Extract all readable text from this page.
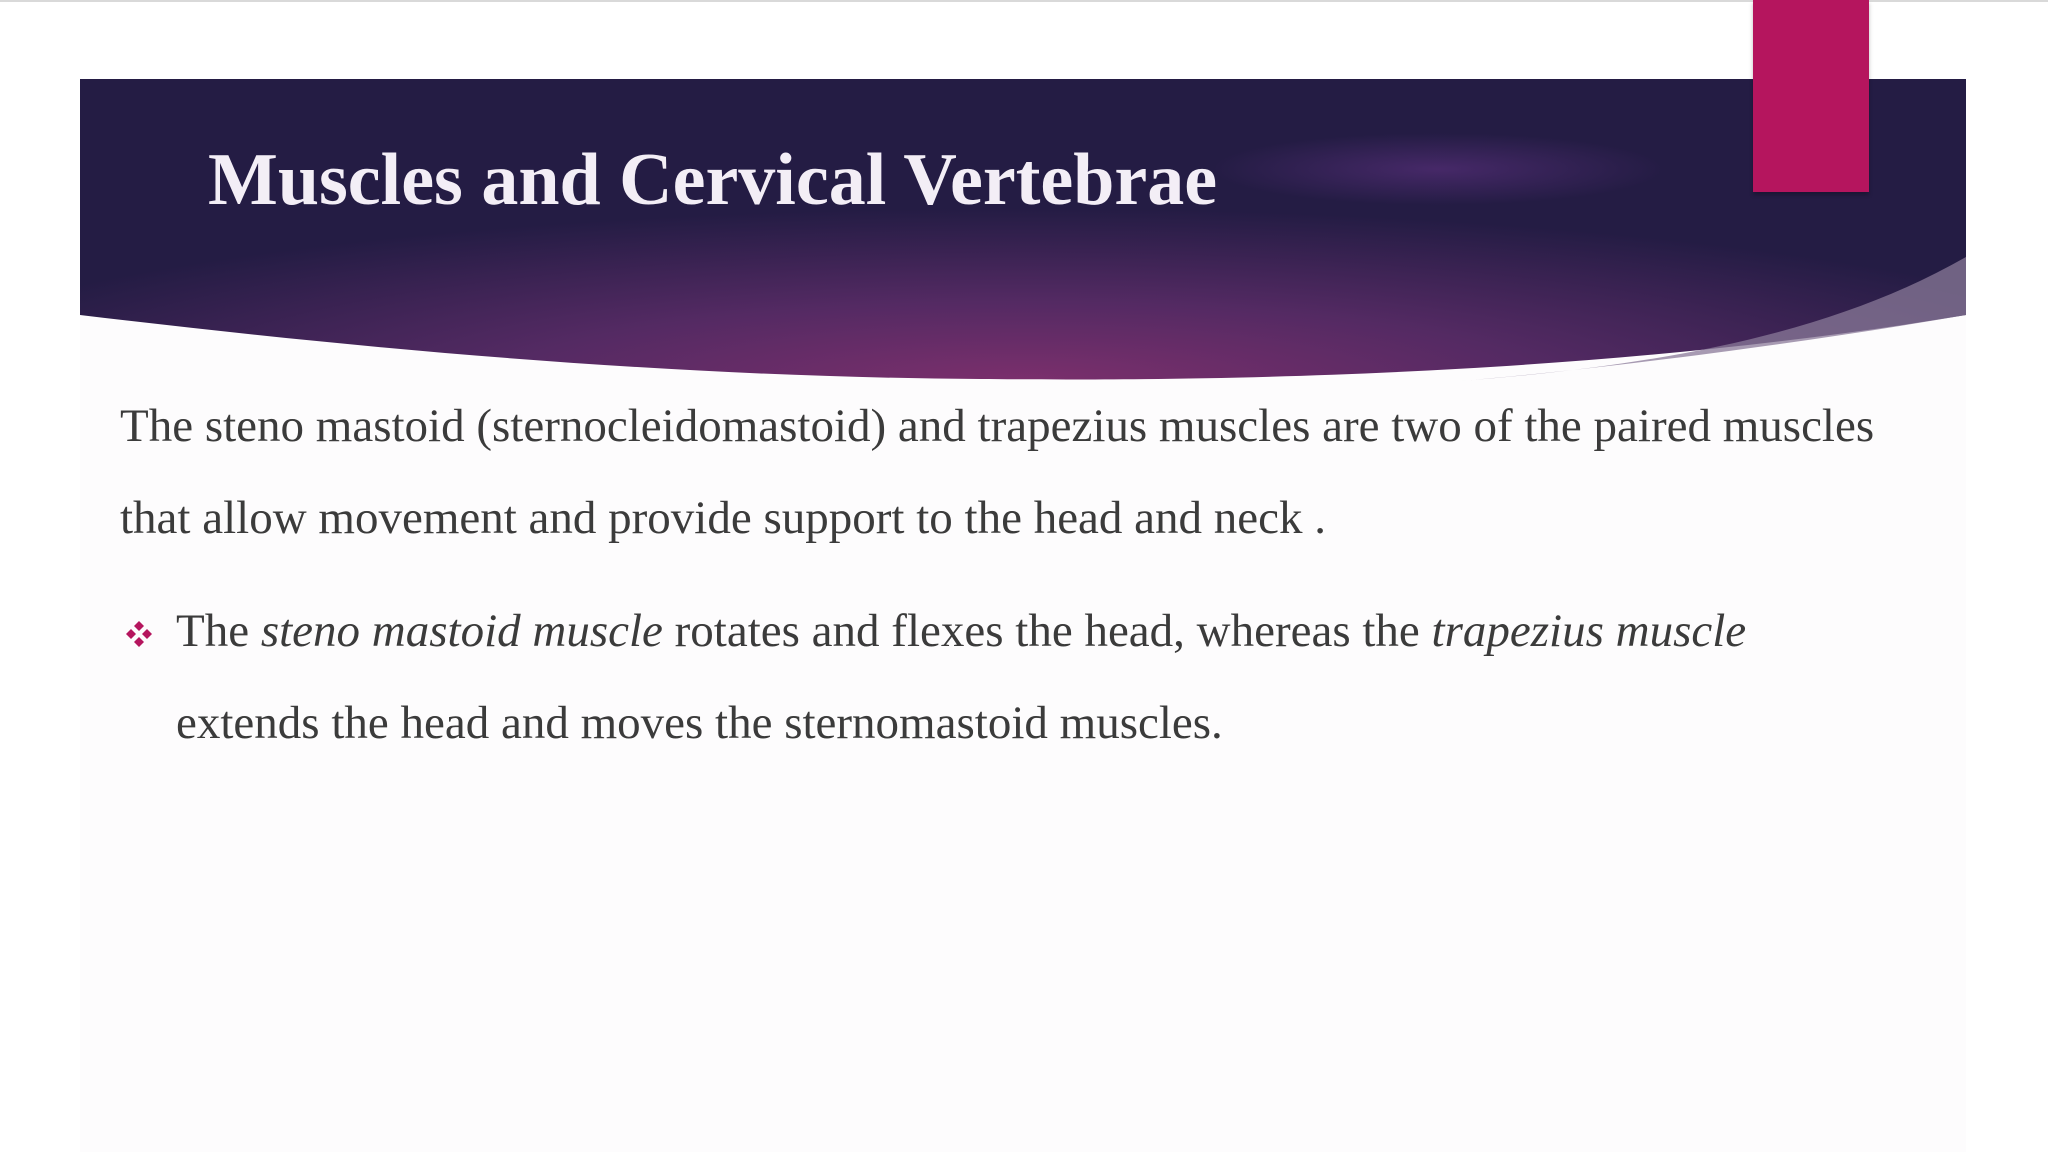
Muscles and Cervical Vertebrae

The steno mastoid (sternocleidomastoid) and trapezius muscles are two of the paired muscles that allow movement and provide support to the head and neck .

The steno mastoid muscle rotates and flexes the head, whereas the trapezius muscle extends the head and moves the sternomastoid muscles.
